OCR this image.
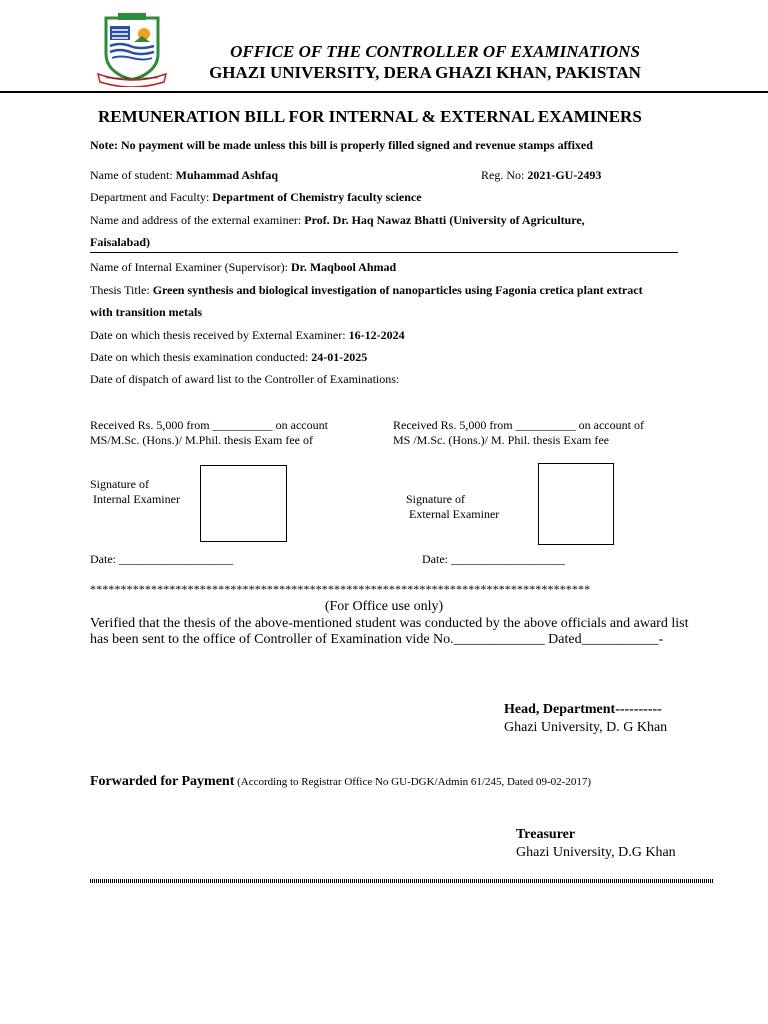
OFFICE OF THE CONTROLLER OF EXAMINATIONS
GHAZI UNIVERSITY, DERA GHAZI KHAN, PAKISTAN
REMUNERATION BILL FOR INTERNAL & EXTERNAL EXAMINERS
Note: No payment will be made unless this bill is properly filled signed and revenue stamps affixed
Name of student: Muhammad Ashfaq	Reg. No: 2021-GU-2493
Department and Faculty: Department of Chemistry faculty science
Name and address of the external examiner: Prof. Dr. Haq Nawaz Bhatti (University of Agriculture,
Faisalabad)
Name of Internal Examiner (Supervisor): Dr. Maqbool Ahmad
Thesis Title: Green synthesis and biological investigation of nanoparticles using Fagonia cretica plant extract
with transition metals
Date on which thesis received by External Examiner: 16-12-2024
Date on which thesis examination conducted: 24-01-2025
Date of dispatch of award list to the Controller of Examinations:
Received Rs. 5,000 from __________ on account MS/M.Sc. (Hons.)/ M.Phil. thesis Exam fee of
Received Rs. 5,000 from __________ on account of MS /M.Sc. (Hons.)/ M. Phil. thesis Exam fee
Signature of
Internal Examiner	Signature of
External Examiner
Date: ___________________	Date: ___________________
**********************************************************************************
(For Office use only)
Verified that the thesis of the above-mentioned student was conducted by the above officials and award list has been sent to the office of Controller of Examination vide No._____________ Dated___________-
Head, Department----------
Ghazi University, D. G Khan
Forwarded for Payment (According to Registrar Office No GU-DGK/Admin 61/245, Dated 09-02-2017)
Treasurer
Ghazi University, D.G Khan
